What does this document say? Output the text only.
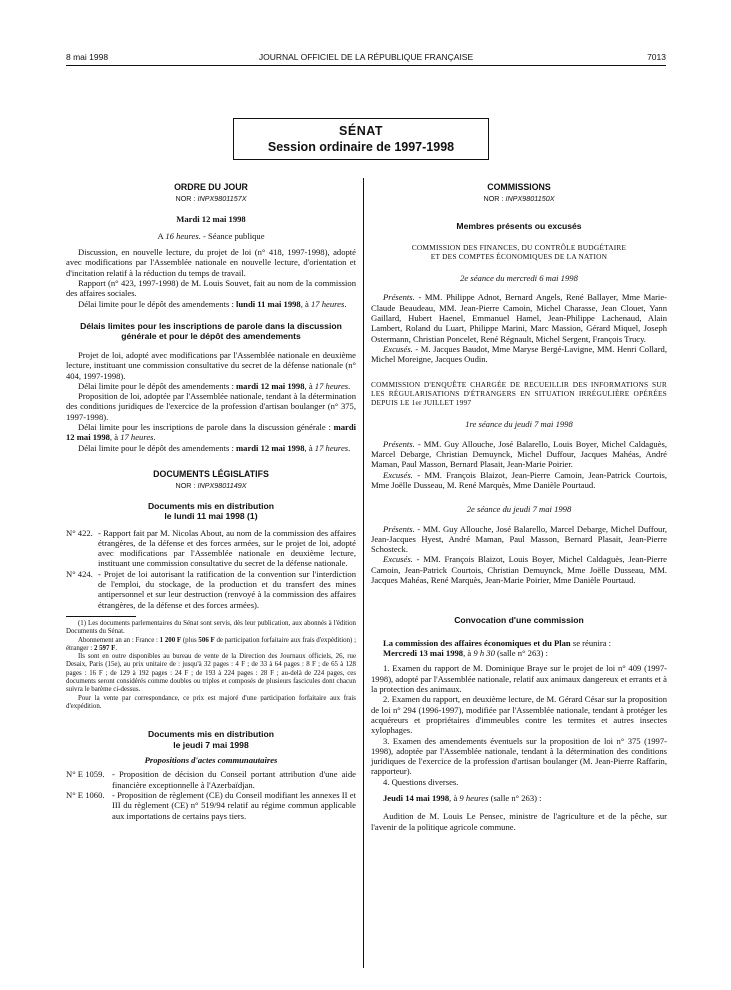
8 mai 1998	JOURNAL OFFICIEL DE LA RÉPUBLIQUE FRANÇAISE	7013
SÉNAT
Session ordinaire de 1997-1998
ORDRE DU JOUR
NOR : INPX9801157X
Mardi 12 mai 1998
A 16 heures. - Séance publique

Discussion, en nouvelle lecture, du projet de loi (n° 418, 1997-1998), adopté avec modifications par l'Assemblée nationale en nouvelle lecture, d'orientation et d'incitation relatif à la réduction du temps de travail.

Rapport (n° 423, 1997-1998) de M. Louis Souvet, fait au nom de la commission des affaires sociales.

Délai limite pour le dépôt des amendements : lundi 11 mai 1998, à 17 heures.

Délais limites pour les inscriptions de parole dans la discussion générale et pour le dépôt des amendements

Projet de loi, adopté avec modifications par l'Assemblée nationale en deuxième lecture, instituant une commission consultative du secret de la défense nationale (n° 404, 1997-1998).

Délai limite pour le dépôt des amendements : mardi 12 mai 1998, à 17 heures.

Proposition de loi, adoptée par l'Assemblée nationale, tendant à la détermination des conditions juridiques de l'exercice de la profession d'artisan boulanger (n° 375, 1997-1998).

Délai limite pour les inscriptions de parole dans la discussion générale : mardi 12 mai 1998, à 17 heures.

Délai limite pour le dépôt des amendements : mardi 12 mai 1998, à 17 heures.

DOCUMENTS LÉGISLATIFS
NOR : INPX9801149X
Documents mis en distribution
le lundi 11 mai 1998 (1)
N° 422. - Rapport fait par M. Nicolas About, au nom de la commission des affaires étrangères, de la défense et des forces armées, sur le projet de loi, adopté avec modifications par l'Assemblée nationale en deuxième lecture, instituant une commission consultative du secret de la défense nationale.
N° 424. - Projet de loi autorisant la ratification de la convention sur l'interdiction de l'emploi, du stockage, de la production et du transfert des mines antipersonnel et sur leur destruction (renvoyé à la commission des affaires étrangères, de la défense et des forces armées).

(1) Les documents parlementaires du Sénat sont servis, dès leur publication, aux abonnés à l'édition Documents du Sénat.

Abonnement an an : France : 1 200 F (plus 506 F de participation forfaitaire aux frais d'expédition) ; étranger : 2 597 F.

Ils sont en outre disponibles au bureau de vente de la Direction des Journaux officiels, 26, rue Desaix, Paris (15e), au prix unitaire de : jusqu'à 32 pages : 4 F ; de 33 à 64 pages : 8 F ; de 65 à 128 pages : 16 F ; de 129 à 192 pages : 24 F ; de 193 à 224 pages : 28 F ; au-delà de 224 pages, ces documents seront considérés comme doubles ou triples et composés de plusieurs fascicules dont chacun suivra le barème ci-dessus.

Pour la vente par correspondance, ce prix est majoré d'une participation forfaitaire aux frais d'expédition.

Documents mis en distribution
le jeudi 7 mai 1998
Propositions d'actes communautaires
N° E 1059. - Proposition de décision du Conseil portant attribution d'une aide financière exceptionnelle à l'Azerbaïdjan.
N° E 1060. - Proposition de règlement (CE) du Conseil modifiant les annexes II et III du règlement (CE) n° 519/94 relatif au régime commun applicable aux importations de certains pays tiers.
COMMISSIONS
NOR : INPX9801150X
Membres présents ou excusés
COMMISSION DES FINANCES, DU CONTRÔLE BUDGÉTAIRE
ET DES COMPTES ÉCONOMIQUES DE LA NATION
2e séance du mercredi 6 mai 1998

Présents. - MM. Philippe Adnot, Bernard Angels, René Ballayer, Mme Marie-Claude Beaudeau, MM. Jean-Pierre Camoin, Michel Charasse, Jean Clouet, Yann Gaillard, Hubert Haenel, Emmanuel Hamel, Jean-Philippe Lachenaud, Alain Lambert, Roland du Luart, Philippe Marini, Marc Massion, Gérard Miquel, Joseph Ostermann, Christian Poncelet, René Régnault, Michel Sergent, François Trucy.

Excusés. - M. Jacques Baudot, Mme Maryse Bergé-Lavigne, MM. Henri Collard, Michel Moreigne, Jacques Oudin.

COMMISSION D'ENQUÊTE CHARGÉE DE RECUEILLIR DES INFORMATIONS SUR LES RÉGULARISATIONS D'ÉTRANGERS EN SITUATION IRRÉGULIÈRE OPÉRÉES DEPUIS LE 1er JUILLET 1997
1re séance du jeudi 7 mai 1998

Présents. - MM. Guy Allouche, José Balarello, Louis Boyer, Michel Caldaguès, Marcel Debarge, Christian Demuynck, Michel Duffour, Jacques Mahéas, André Maman, Paul Masson, Bernard Plasait, Jean-Marie Poirier.

Excusés. - MM. François Blaizot, Jean-Pierre Camoin, Jean-Patrick Courtois, Mme Joëlle Dusseau, M. René Marquès, Mme Danièle Pourtaud.

2e séance du jeudi 7 mai 1998

Présents. - MM. Guy Allouche, José Balarello, Marcel Debarge, Michel Duffour, Jean-Jacques Hyest, André Maman, Paul Masson, Bernard Plasait, Jean-Pierre Schosteck.

Excusés. - MM. François Blaizot, Louis Boyer, Michel Caldaguès, Jean-Pierre Camoin, Jean-Patrick Courtois, Christian Demuynck, Mme Joëlle Dusseau, MM. Jacques Mahéas, René Marquès, Jean-Marie Poirier, Mme Danièle Pourtaud.

Convocation d'une commission

La commission des affaires économiques et du Plan se réunira :

Mercredi 13 mai 1998, à 9 h 30 (salle n° 263) :

1. Examen du rapport de M. Dominique Braye sur le projet de loi n° 409 (1997-1998), adopté par l'Assemblée nationale, relatif aux animaux dangereux et errants et à la protection des animaux.

2. Examen du rapport, en deuxième lecture, de M. Gérard César sur la proposition de loi n° 294 (1996-1997), modifiée par l'Assemblée nationale, tendant à protéger les acquéreurs et propriétaires d'immeubles contre les termites et autres insectes xylophages.

3. Examen des amendements éventuels sur la proposition de loi n° 375 (1997-1998), adoptée par l'Assemblée nationale, tendant à la détermination des conditions juridiques de l'exercice de la profession d'artisan boulanger (M. Jean-Pierre Raffarin, rapporteur).

4. Questions diverses.

Jeudi 14 mai 1998, à 9 heures (salle n° 263) :

Audition de M. Louis Le Pensec, ministre de l'agriculture et de la pêche, sur l'avenir de la politique agricole commune.
